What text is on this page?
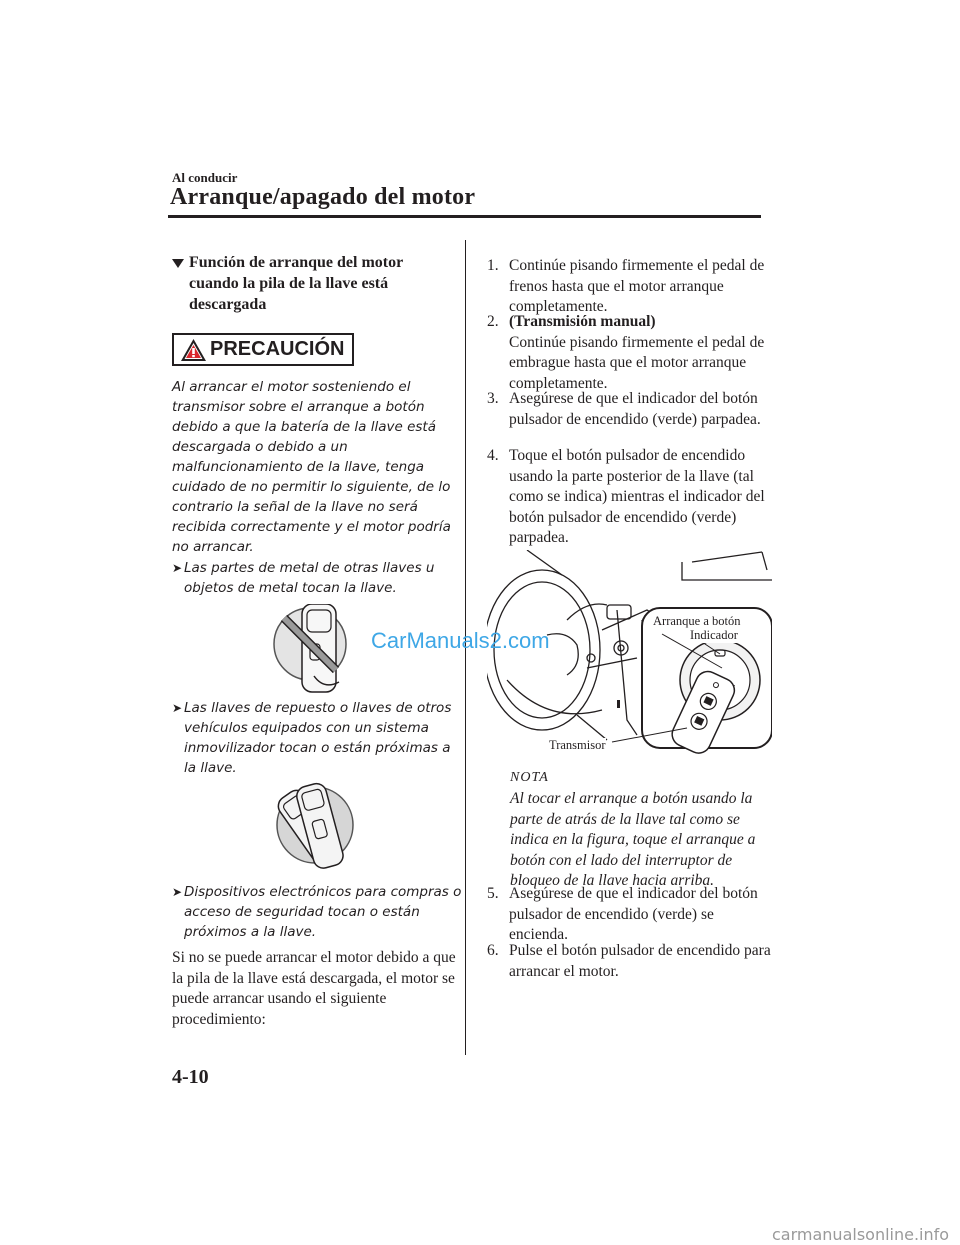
Al conducir
Arranque/apagado del motor
Función de arranque del motor cuando la pila de la llave está descargada
PRECAUCIÓN
Al arrancar el motor sosteniendo el transmisor sobre el arranque a botón debido a que la batería de la llave está descargada o debido a un malfuncionamiento de la llave, tenga cuidado de no permitir lo siguiente, de lo contrario la señal de la llave no será recibida correctamente y el motor podría no arrancar.
➤ Las partes de metal de otras llaves u objetos de metal tocan la llave.
➤ Las llaves de repuesto o llaves de otros vehículos equipados con un sistema inmovilizador tocan o están próximas a la llave.
➤ Dispositivos electrónicos para compras o acceso de seguridad tocan o están próximos a la llave.
Si no se puede arrancar el motor debido a que la pila de la llave está descargada, el motor se puede arrancar usando el siguiente procedimiento:
1. Continúe pisando firmemente el pedal de frenos hasta que el motor arranque completamente.
2. (Transmisión manual)
Continúe pisando firmemente el pedal de embrague hasta que el motor arranque completamente.
3. Asegúrese de que el indicador del botón pulsador de encendido (verde) parpadea.
4. Toque el botón pulsador de encendido usando la parte posterior de la llave (tal como se indica) mientras el indicador del botón pulsador de encendido (verde) parpadea.
Arranque a botón
Indicador
Transmisor
NOTA
Al tocar el arranque a botón usando la parte de atrás de la llave tal como se indica en la figura, toque el arranque a botón con el lado del interruptor de bloqueo de la llave hacia arriba.
5. Asegúrese de que el indicador del botón pulsador de encendido (verde) se encienda.
6. Pulse el botón pulsador de encendido para arrancar el motor.
4-10
CarManuals2.com
carmanualsonline.info
